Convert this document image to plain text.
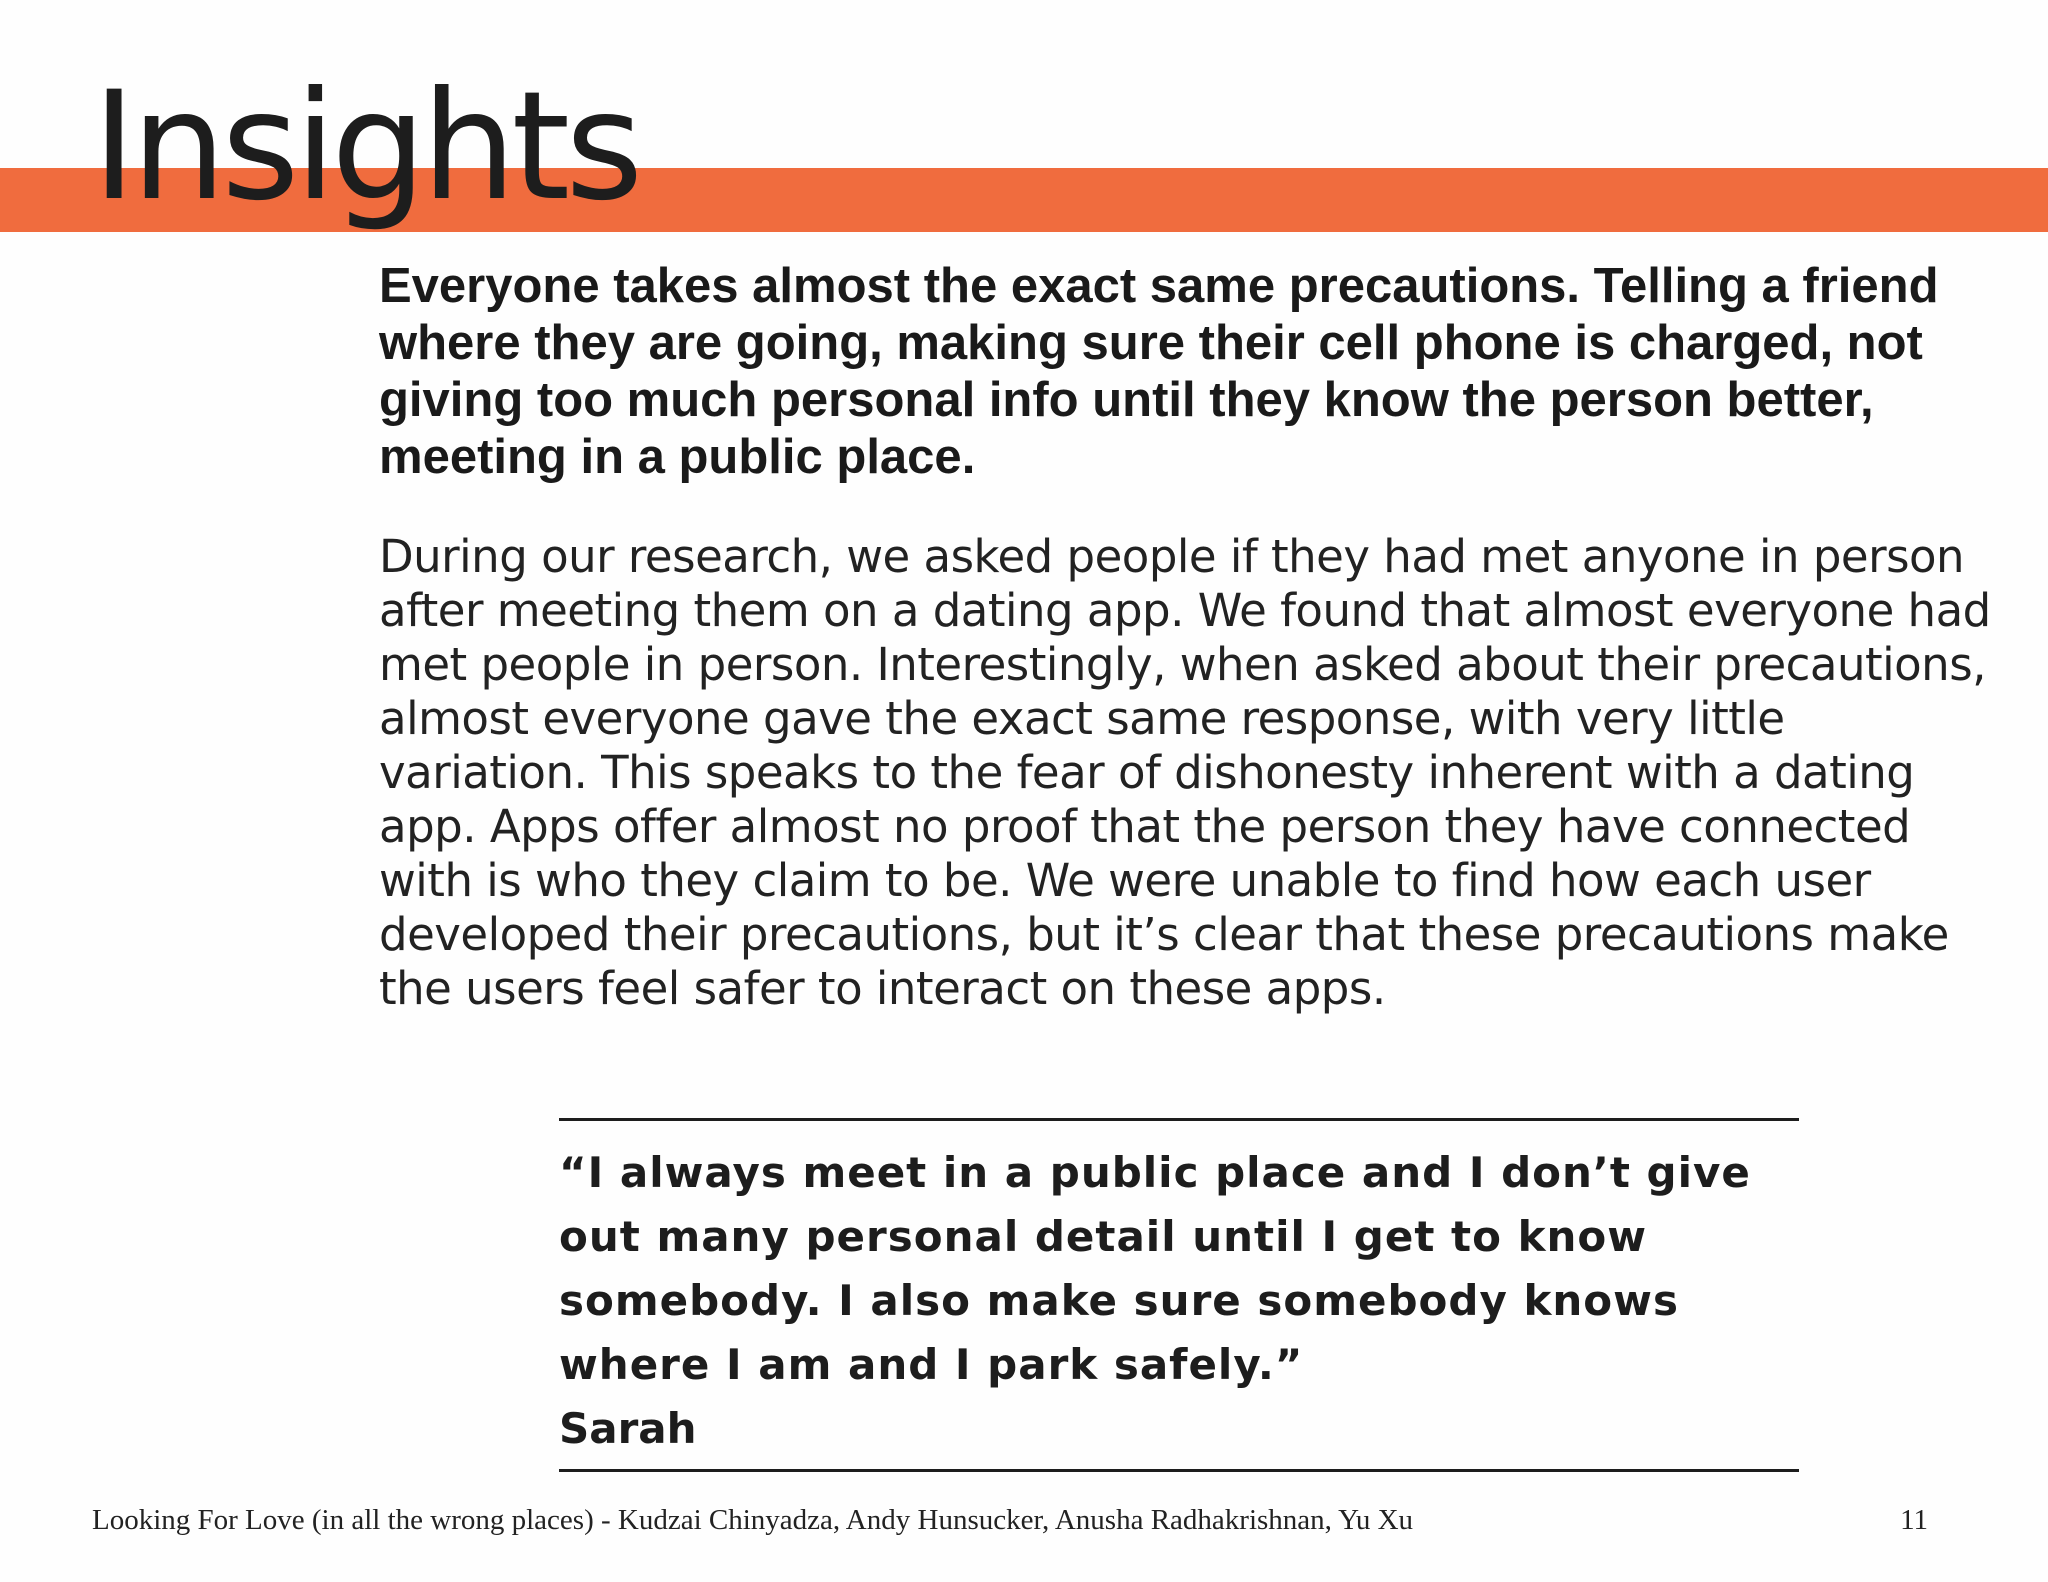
Insights

Everyone takes almost the exact same precautions. Telling a friend where they are going, making sure their cell phone is charged, not giving too much personal info until they know the person better, meeting in a public place.

During our research, we asked people if they had met anyone in person after meeting them on a dating app. We found that almost everyone had met people in person. Interestingly, when asked about their precautions, almost everyone gave the exact same response, with very little variation. This speaks to the fear of dishonesty inherent with a dating app. Apps offer almost no proof that the person they have connected with is who they claim to be. We were unable to find how each user developed their precautions, but it’s clear that these precautions make the users feel safer to interact on these apps.

“I always meet in a public place and I don’t give out many personal detail until I get to know somebody. I also make sure somebody knows where I am and I park safely.”

Sarah
Looking For Love (in all the wrong places) - Kudzai Chinyadza, Andy Hunsucker, Anusha Radhakrishnan, Yu Xu	11
